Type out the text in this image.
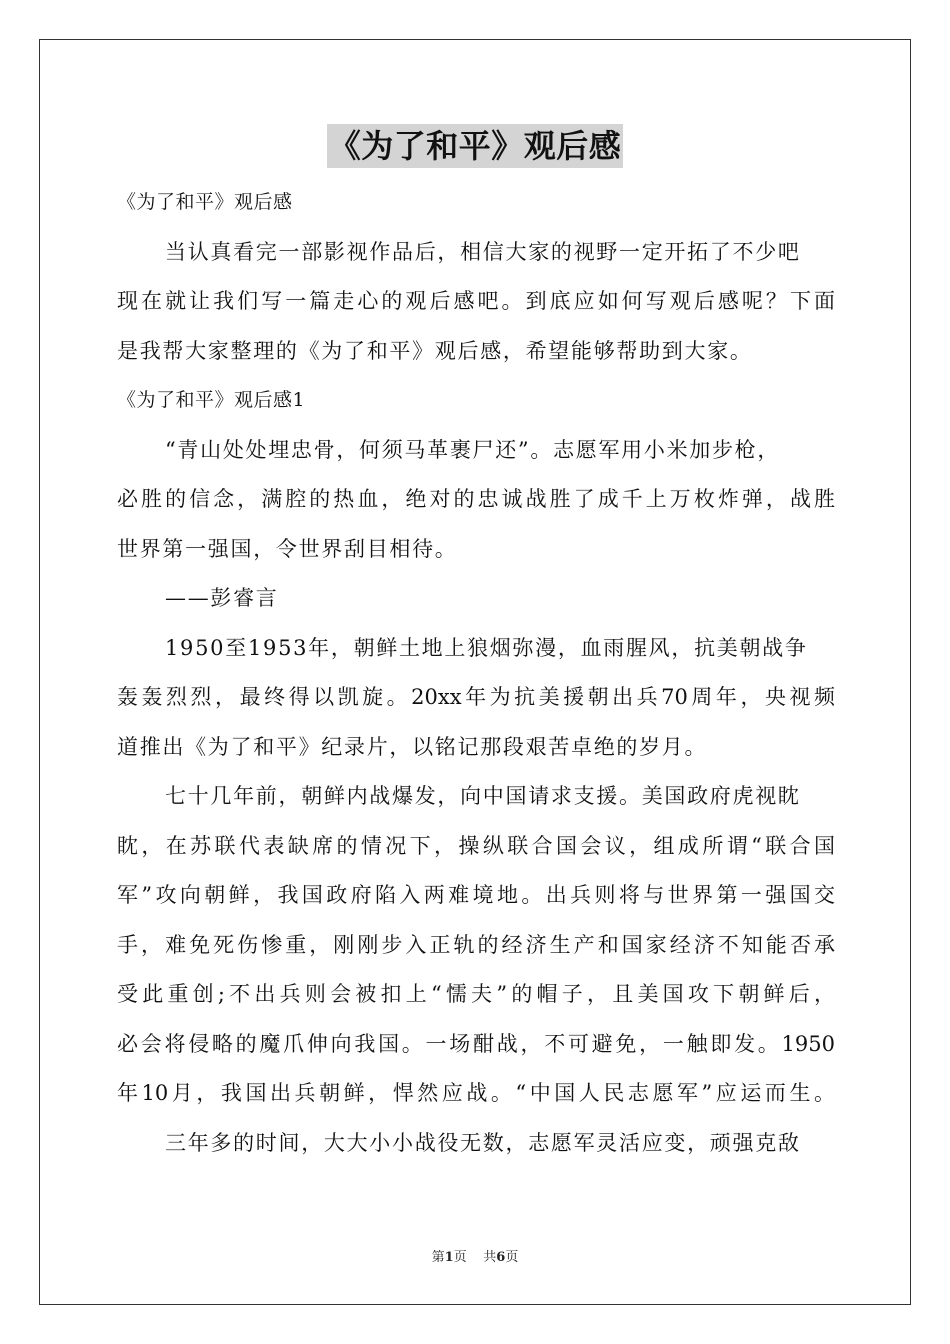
《为了和平》观后感
《为了和平》观后感
当认真看完一部影视作品后，相信大家的视野一定开拓了不少吧
现在就让我们写一篇走心的观后感吧。到底应如何写观后感呢？下面
是我帮大家整理的《为了和平》观后感，希望能够帮助到大家。
《为了和平》观后感1
“青山处处埋忠骨，何须马革裹尸还”。志愿军用小米加步枪，
必胜的信念，满腔的热血，绝对的忠诚战胜了成千上万枚炸弹，战胜
世界第一强国，令世界刮目相待。
——彭睿言
1950至1953年，朝鲜土地上狼烟弥漫，血雨腥风，抗美朝战争
轰轰烈烈，最终得以凯旋。20xx年为抗美援朝出兵70周年，央视频
道推出《为了和平》纪录片，以铭记那段艰苦卓绝的岁月。
七十几年前，朝鲜内战爆发，向中国请求支援。美国政府虎视眈
眈，在苏联代表缺席的情况下，操纵联合国会议，组成所谓“联合国
军”攻向朝鲜，我国政府陷入两难境地。出兵则将与世界第一强国交
手，难免死伤惨重，刚刚步入正轨的经济生产和国家经济不知能否承
受此重创;不出兵则会被扣上“懦夫”的帽子，且美国攻下朝鲜后，
必会将侵略的魔爪伸向我国。一场酣战，不可避免，一触即发。1950
年10月，我国出兵朝鲜，悍然应战。“中国人民志愿军”应运而生。
三年多的时间，大大小小战役无数，志愿军灵活应变，顽强克敌
第1页 共6页
